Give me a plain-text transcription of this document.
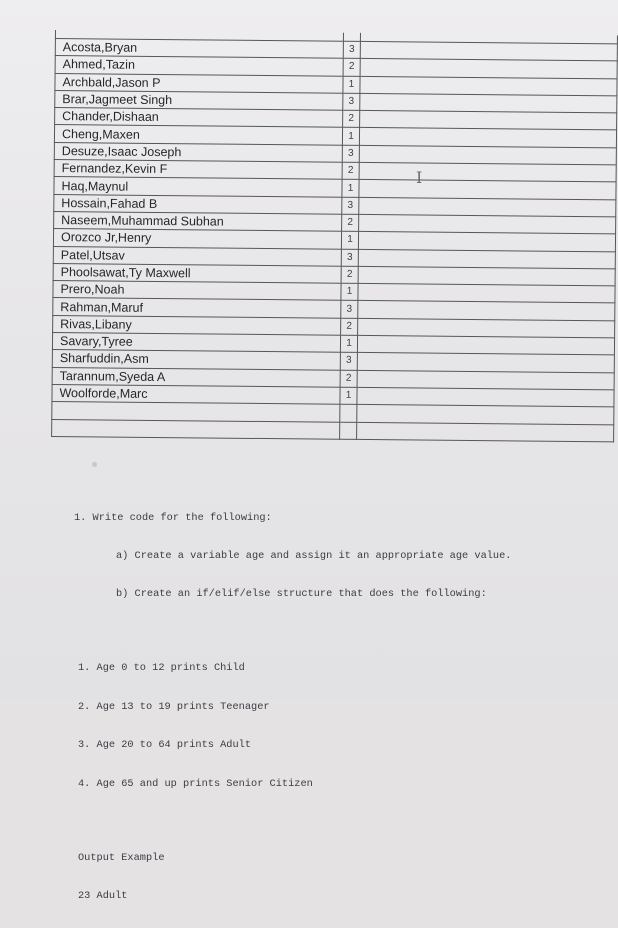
Acosta,Bryan	3	
Ahmed,Tazin	2	
Archbald,Jason P	1	
Brar,Jagmeet Singh	3	
Chander,Dishaan	2	
Cheng,Maxen	1	
Desuze,Isaac Joseph	3	
Fernandez,Kevin F	2	
Haq,Maynul	1	
Hossain,Fahad B	3	
Naseem,Muhammad Subhan	2	
Orozco Jr,Henry	1	
Patel,Utsav	3	
Phoolsawat,Ty Maxwell	2	
Prero,Noah	1	
Rahman,Maruf	3	
Rivas,Libany	2	
Savary,Tyree	1	
Sharfuddin,Asm	3	
Tarannum,Syeda A	2	
Woolforde,Marc	1	

I

1. Write code for the following:

a) Create a variable age and assign it an appropriate age value.

b) Create an if/elif/else structure that does the following:

1. Age 0 to 12 prints Child

2. Age 13 to 19 prints Teenager

3. Age 20 to 64 prints Adult

4. Age 65 and up prints Senior Citizen

Output Example

23 Adult
